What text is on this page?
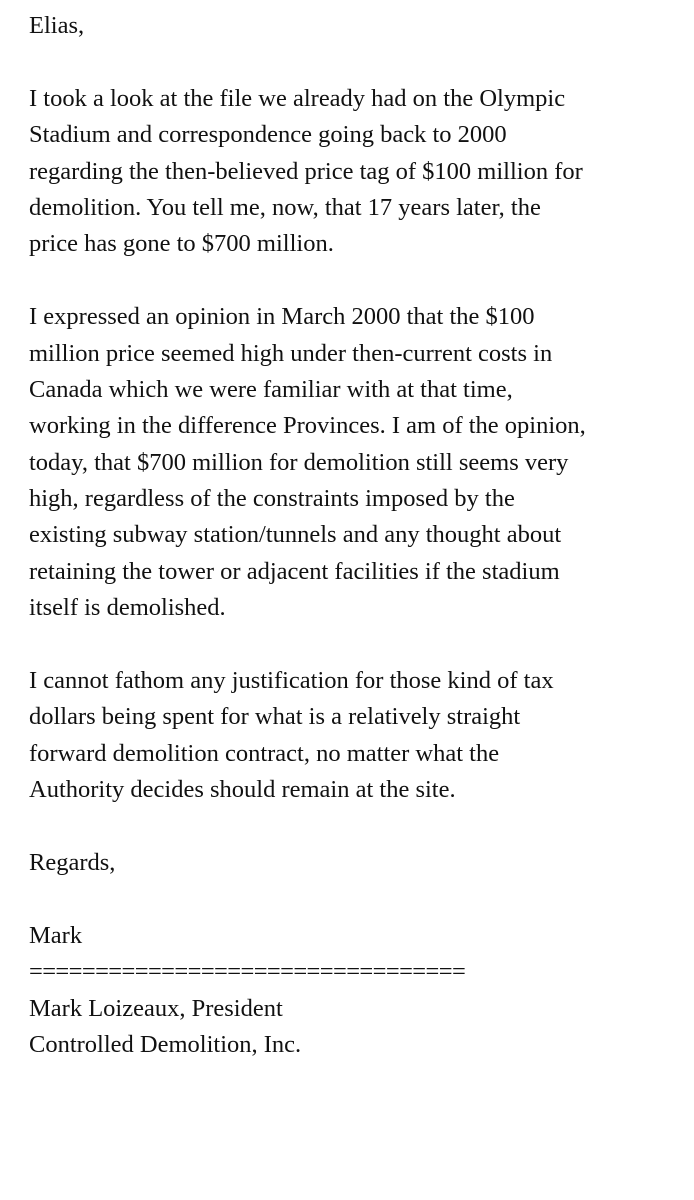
Elias,
I took a look at the file we already had on the Olympic
Stadium and correspondence going back to 2000
regarding the then-believed price tag of $100 million for
demolition. You tell me, now, that 17 years later, the
price has gone to $700 million.
I expressed an opinion in March 2000 that the $100
million price seemed high under then-current costs in
Canada which we were familiar with at that time,
working in the difference Provinces. I am of the opinion,
today, that $700 million for demolition still seems very
high, regardless of the constraints imposed by the
existing subway station/tunnels and any thought about
retaining the tower or adjacent facilities if the stadium
itself is demolished.
I cannot fathom any justification for those kind of tax
dollars being spent for what is a relatively straight
forward demolition contract, no matter what the
Authority decides should remain at the site.
Regards,
Mark
=================================
Mark Loizeaux, President
Controlled Demolition, Inc.
